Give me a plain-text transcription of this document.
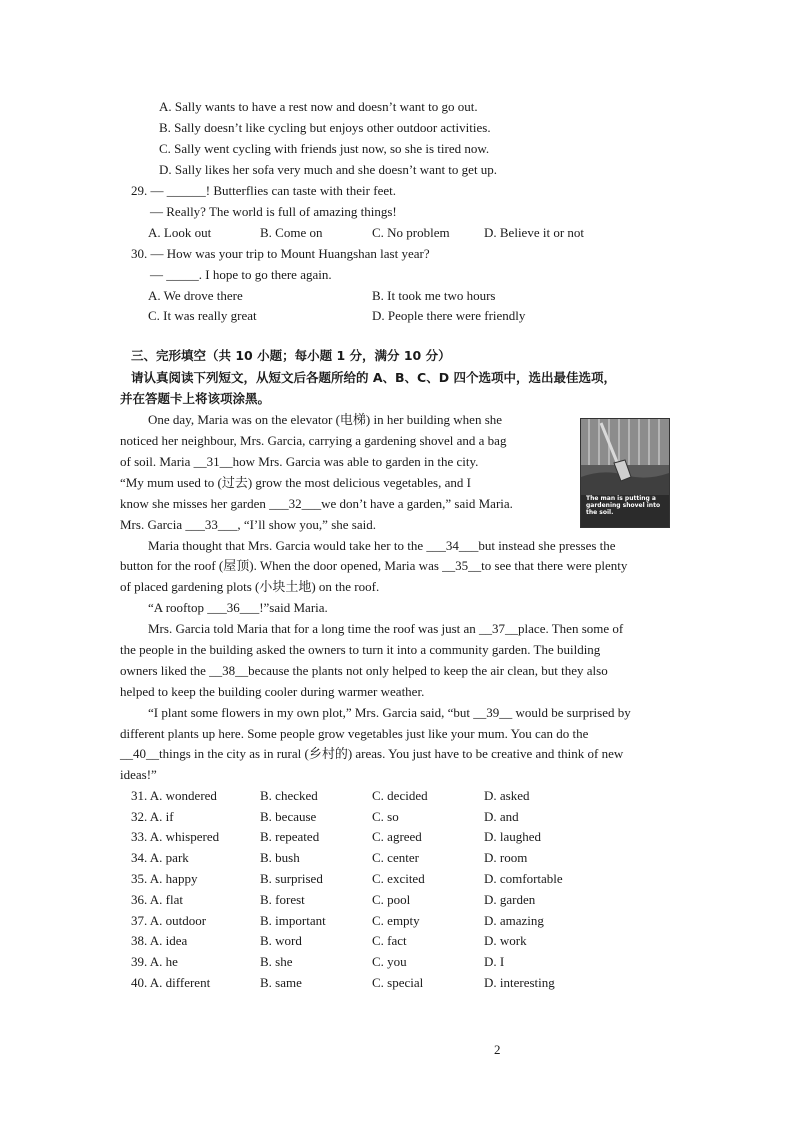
A. Sally wants to have a rest now and doesn’t want to go out.
B. Sally doesn’t like cycling but enjoys other outdoor activities.
C. Sally went cycling with friends just now, so she is tired now.
D. Sally likes her sofa very much and she doesn’t want to get up.
29. — ______! Butterflies can taste with their feet.
— Really? The world is full of amazing things!
A. Look out	B. Come on	C. No problem	D. Believe it or not
30. — How was your trip to Mount Huangshan last year?
— _____. I hope to go there again.
A. We drove there	B. It took me two hours
C. It was really great	D. People there were friendly
三、完形填空（共 10 小题；每小题 1 分，满分 10 分）
请认真阅读下列短文，从短文后各题所给的 A、B、C、D 四个选项中，选出最佳选项，
并在答题卡上将该项涂黑。
One day, Maria was on the elevator (电梯) in her building when she
noticed her neighbour, Mrs. Garcia, carrying a gardening shovel and a bag
of soil. Maria __31__how Mrs. Garcia was able to garden in the city.
“My mum used to (过去) grow the most delicious vegetables, and I
know she misses her garden ___32___we don’t have a garden,” said Maria.
Mrs. Garcia ___33___, “I’ll show you,” she said.
Maria thought that Mrs. Garcia would take her to the ___34___but instead she presses the
button for the roof (屋顶). When the door opened, Maria was __35__to see that there were plenty
of placed gardening plots (小块土地) on the roof.
“A rooftop ___36___!”said Maria.
Mrs. Garcia told Maria that for a long time the roof was just an __37__place. Then some of
the people in the building asked the owners to turn it into a community garden. The building
owners liked the __38__because the plants not only helped to keep the air clean, but they also
helped to keep the building cooler during warmer weather.
“I plant some flowers in my own plot,” Mrs. Garcia said, “but __39__ would be surprised by
different plants up here. Some people grow vegetables just like your mum. You can do the
__40__things in the city as in rural (乡村的) areas. You just have to be creative and think of new
ideas!”
The man is putting a gardening shovel into the soil.
31. A. wondered	B. checked	C. decided	D. asked
32. A. if	B. because	C. so	D. and
33. A. whispered	B. repeated	C. agreed	D. laughed
34. A. park	B. bush	C. center	D. room
35. A. happy	B. surprised	C. excited	D. comfortable
36. A. flat	B. forest	C. pool	D. garden
37. A. outdoor	B. important	C. empty	D. amazing
38. A. idea	B. word	C. fact	D. work
39. A. he	B. she	C. you	D. I
40. A. different	B. same	C. special	D. interesting
2
